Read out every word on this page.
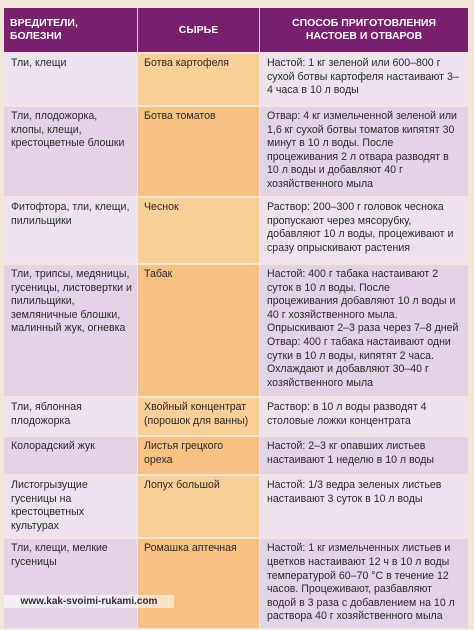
ВРЕДИТЕЛИ, БОЛЕЗНИ	СЫРЬЕ	СПОСОБ ПРИГОТОВЛЕНИЯ НАСТОЕВ И ОТВАРОВ
Тли, клещи	Ботва картофеля	Настой: 1 кг зеленой или 600–800 г сухой ботвы картофеля настаивают 3–4 часа в 10 л воды
Тли, плодожорка, клопы, клещи, крестоцветные блошки	Ботва томатов	Отвар: 4 кг измельченной зеленой или 1,6 кг сухой ботвы томатов кипятят 30 минут в 10 л воды. После процеживания 2 л отвара разводят в 10 л воды и добавляют 40 г хозяйственного мыла
Фитофтора, тли, клещи, пилильщики	Чеснок	Раствор: 200–300 г головок чеснока пропускают через мясорубку, добавляют 10 л воды, процеживают и сразу опрыскивают растения
Тли, трипсы, медяницы, гусеницы, листовертки и пилильщики, земляничные блошки, малинный жук, огневка	Табак	Настой: 400 г табака настаивают 2 суток в 10 л воды. После процеживания добавляют 10 л воды и 40 г хозяйственного мыла. Опрыскивают 2–3 раза через 7–8 дней Отвар: 400 г табака настаивают одни сутки в 10 л воды, кипятят 2 часа. Охлаждают и добавляют 30–40 г хозяйственного мыла
Тли, яблонная плодожорка	Хвойный концентрат (порошок для ванны)	Раствор: в 10 л воды разводят 4 столовые ложки концентрата
Колорадский жук	Листья грецкого ореха	Настой: 2–3 кг опавших листьев настаивают 1 неделю в 10 л воды
Листогрызущие гусеницы на крестоцветных культурах	Лопух большой	Настой: 1/3 ведра зеленых листьев настаивают 3 суток в 10 л воды
Тли, клещи, мелкие гусеницы	Ромашка аптечная	Настой: 1 кг измельченных листьев и цветков настаивают 12 ч в 10 л воды температурой 60–70 °С в течение 12 часов. Процеживают, разбавляют водой в 3 раза с добавлением на 10 л раствора 40 г хозяйственного мыла
www.kak-svoimi-rukami.com
